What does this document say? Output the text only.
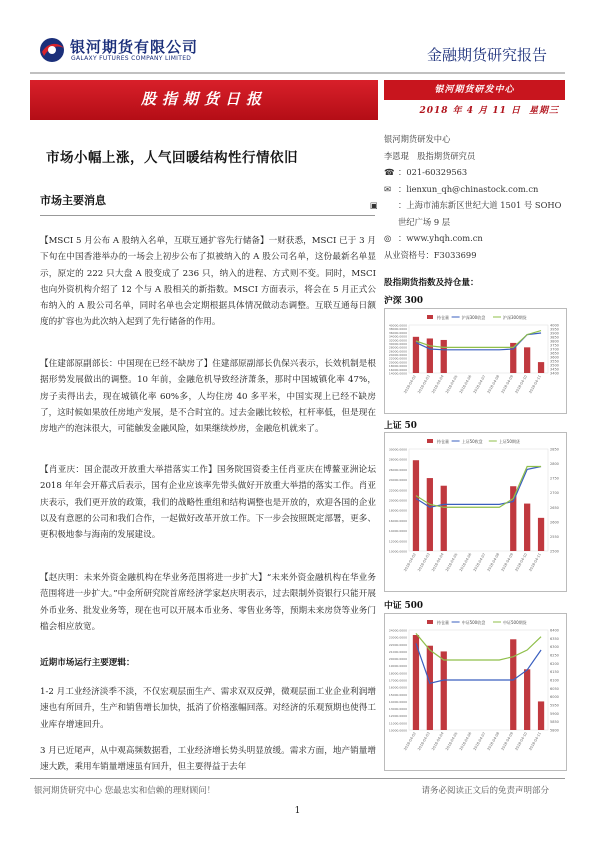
银河期货有限公司
GALAXY FUTURES COMPANY LIMITED	金融期货研究报告
股指期货日报	银河期货研发中心
2018 年 4 月 11 日 星期三
市场小幅上涨，人气回暖结构性行情依旧
市场主要消息
【MSCI 5 月公布 A 股纳入名单，互联互通扩容先行储备】一财获悉，MSCI 已于 3 月下旬在中国香港举办的一场会上初步公布了拟被纳入的 A 股公司名单，这份最新名单显示，原定的 222 只大盘 A 股变成了 236 只，纳入的进程、方式则不变。同时，MSCI 也向外资机构介绍了 12 个与 A 股相关的新指数。MSCI 方面表示，将会在 5 月正式公布纳入的 A 股公司名单，同时名单也会定期根据具体情况做动态调整。互联互通每日额度的扩容也为此次纳入起到了先行储备的作用。
【住建部原副部长：中国现在已经不缺房了】住建部原副部长仇保兴表示，长效机制是根据形势发展做出的调整。10 年前，金融危机导致经济萧条，那时中国城镇化率 47%，房子卖得出去，现在城镇化率 60%多，人均住房 40 多平米，中国实现上已经不缺房了，这时候如果放任房地产发展，是不合时宜的。过去金融比较松，杠杆率低，但是现在房地产的泡沫很大，可能触发金融风险，如果继续炒房，金融危机就来了。
【肖亚庆：国企混改开放重大举措落实工作】国务院国资委主任肖亚庆在博鳌亚洲论坛 2018 年年会开幕式后表示，国有企业应该率先带头做好开放重大举措的落实工作。肖亚庆表示，我们更开放的政策，我们的战略性重组和结构调整也是开放的，欢迎各国的企业以及有意愿的公司和我们合作，一起做好改革开放工作。下一步会按照既定部署，更多、更积极地参与海南的发展建设。
【赵庆明：未来外资金融机构在华业务范围将进一步扩大】“未来外资金融机构在华业务范围将进一步扩大。”中金所研究院首席经济学家赵庆明表示，过去限制外资银行只能开展外币业务、批发业务等，现在也可以开展本币业务、零售业务等，预期未来房贷等业务门槛会相应放宽。
近期市场运行主要逻辑：
1-2 月工业经济淡季不淡，不仅宏观层面生产、需求双双反弹，微观层面工业企业利润增速也有所回升，生产和销售增长加快，抵消了价格涨幅回落。对经济的乐观预期也使得工业库存增速回升。
3 月已近尾声，从中观高频数据看，工业经济增长势头明显放缓。需求方面，地产销量增速大跌，乘用车销量增速虽有回升，但主要得益于去年
银河期货研发中心
李恩琨　股指期货研究员
☎ ：021-60329563
✉ ：lienxun_qh@chinastock.com.cn
▣ ：上海市浦东新区世纪大道 1501 号 SOHO 世纪广场 9 层
◎ ：www.yhqh.com.cn
从业资格号：F3033699
股指期货指数及持仓量：
沪深 300
40000.0000
38000.0000
36000.0000
34000.0000
32000.0000
30000.0000
28000.0000
26000.0000
24000.0000
22000.0000
20000.0000
18000.0000
16000.0000
14000.0000
4000
3950
3900
3850
3800
3750
3700
3650
3600
3550
3500
3450
3400
2018-04-02 2018-04-03 2018-04-04 2018-04-05 2018-04-06 2018-04-07 2018-04-08 2018-04-09 2018-04-10 2018-04-11
持仓量	沪深300收盘	沪深300期货
上证 50
30000.0000
28000.0000
26000.0000
24000.0000
22000.0000
20000.0000
18000.0000
16000.0000
14000.0000
12000.0000
10000.0000
2850
2800
2750
2700
2650
2600
2550
2500
2018-04-02 2018-04-03 2018-04-04 2018-04-05 2018-04-06 2018-04-07 2018-04-08 2018-04-09 2018-04-10 2018-04-11
持仓量	上证50收盘	上证50期货
中证 500
24000.0000
23000.0000
22000.0000
21000.0000
20000.0000
19000.0000
18000.0000
17000.0000
16000.0000
15000.0000
14000.0000
13000.0000
12000.0000
11000.0000
10000.0000
6400
6350
6300
6250
6200
6150
6100
6050
6000
5950
5900
5850
5800
2018-04-02 2018-04-03 2018-04-04 2018-04-05 2018-04-06 2018-04-07 2018-04-08 2018-04-09 2018-04-10 2018-04-11
持仓量	中证500收盘	中证500期货
银河期货研究中心 您最忠实和信赖的理财顾问！	请务必阅读正文后的免责声明部分
1
